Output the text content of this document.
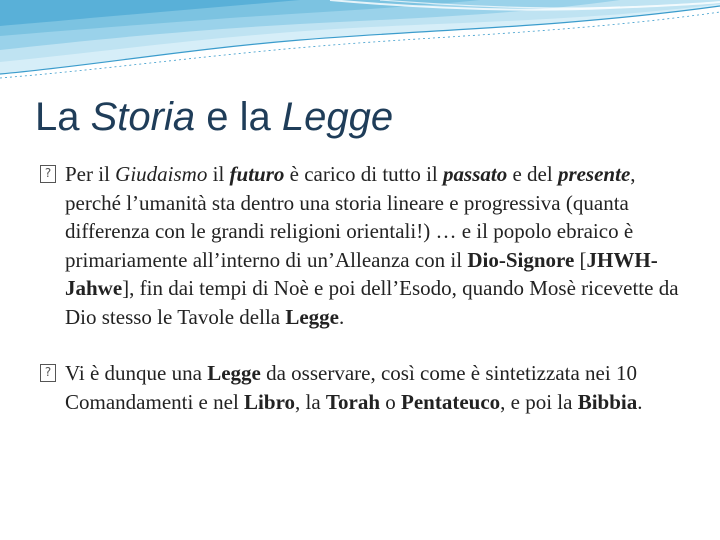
La Storia e la Legge

?
Per il Giudaismo il futuro è carico di tutto il passato e del presente, perché l’umanità sta dentro una storia lineare e progressiva (quanta differenza con le grandi religioni orientali!) … e il popolo ebraico è primariamente all’interno di un’Alleanza con il Dio-Signore [JHWH-Jahwe], fin dai tempi di Noè e poi dell’Esodo, quando Mosè ricevette da Dio stesso le Tavole della Legge.

?
Vi è dunque una Legge da osservare, così come è sintetizzata nei 10 Comandamenti e nel Libro, la Torah o Pentateuco, e poi la Bibbia.
